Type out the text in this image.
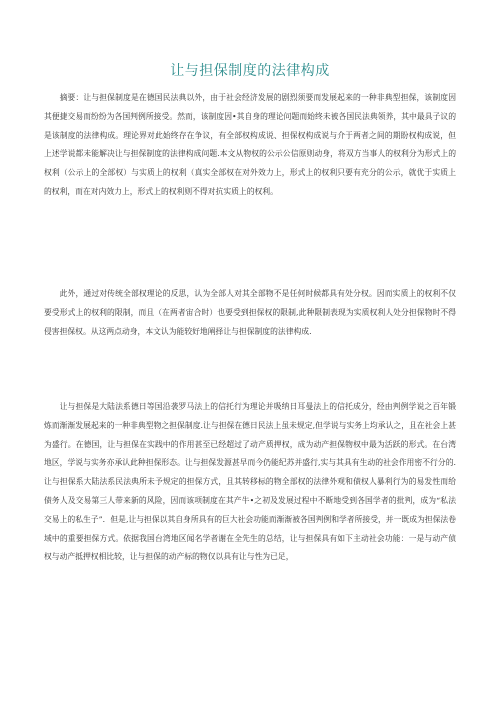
让与担保制度的法律构成

摘要：让与担保制度是在德国民法典以外，由于社会经济发展的剧烈须要而发展起来的一种非典型担保，该制度因其便捷交易而纷纷为各国判例所接受。然而，该制度因•其自身的理论问题而始终未被各国民法典领养，其中最具子议的是该制度的法律构成。理论界对此始终存在争议，有全部权构成说、担保权构成说与介于两者之间的期盼权构成说，但上述学说都未能解决让与担保制度的法律构成问题.本文从物权的公示公信原则动身，将双方当事人的权利分为形式上的权利（公示上的全部权）与实质上的权利（真实全部权在对外效力上，形式上的权利只要有充分的公示，就优于实质上的权利，而在对内效力上，形式上的权利则不得对抗实质上的权利。

此外，通过对传统全部权理论的反思，认为全部人对其全部物不是任何时候都具有处分权。因而实质上的权利不仅要受形式上的权利的限制，而且（在两者宙合时）也要受到担保权的限制,此种限制表现为实质权利人处分担保物时不得侵害担保权。从这两点动身，本文认为能较好地阐择让与担保制度的法律构成.

让与担保是大陆法系德日等国沿袭罗马法上的信托行为理论并吸纳日耳曼法上的信托成分，经由判例学说之百年锻炼而渐渐发展起来的一种非典型物之担保制度.让与担保在德日民法上虽未规定,但学说与实务上均承认之，且在社会上甚为盛行。在德国，让与担保在实践中的作用甚至已经超过了动产质押权，成为动产担保物权中最为活跃的形式。在台湾地区，学说与实务亦承认此种担保形态。让与担保发源甚早而今仍能纪苏并盛行,实与其具有生动的社会作用密不行分的.让与担保系大陆法系民法典所未予规定的担保方式，且其转移标的物全部权的法律外观和债权人暴利行为的易发性而给债务人及交易第三人带来新的风险，因而该项制度在其产牛•之初及发展过程中不断地受到各国学者的批判，成为“私法交易上的私生子”．但是,让与担保以其自身所具有的巨大社会功能而渐渐被各国判例和学者所接受，并一既成为担保法卷域中的重要担保方式。依据我国台湾地区闻名学者谢在全先生的总结，让与担保具有如下主动社会功能：一是与动产侦权与动产抵押权相比较，让与担保的动产标的物仅以具有让与性为已足，
